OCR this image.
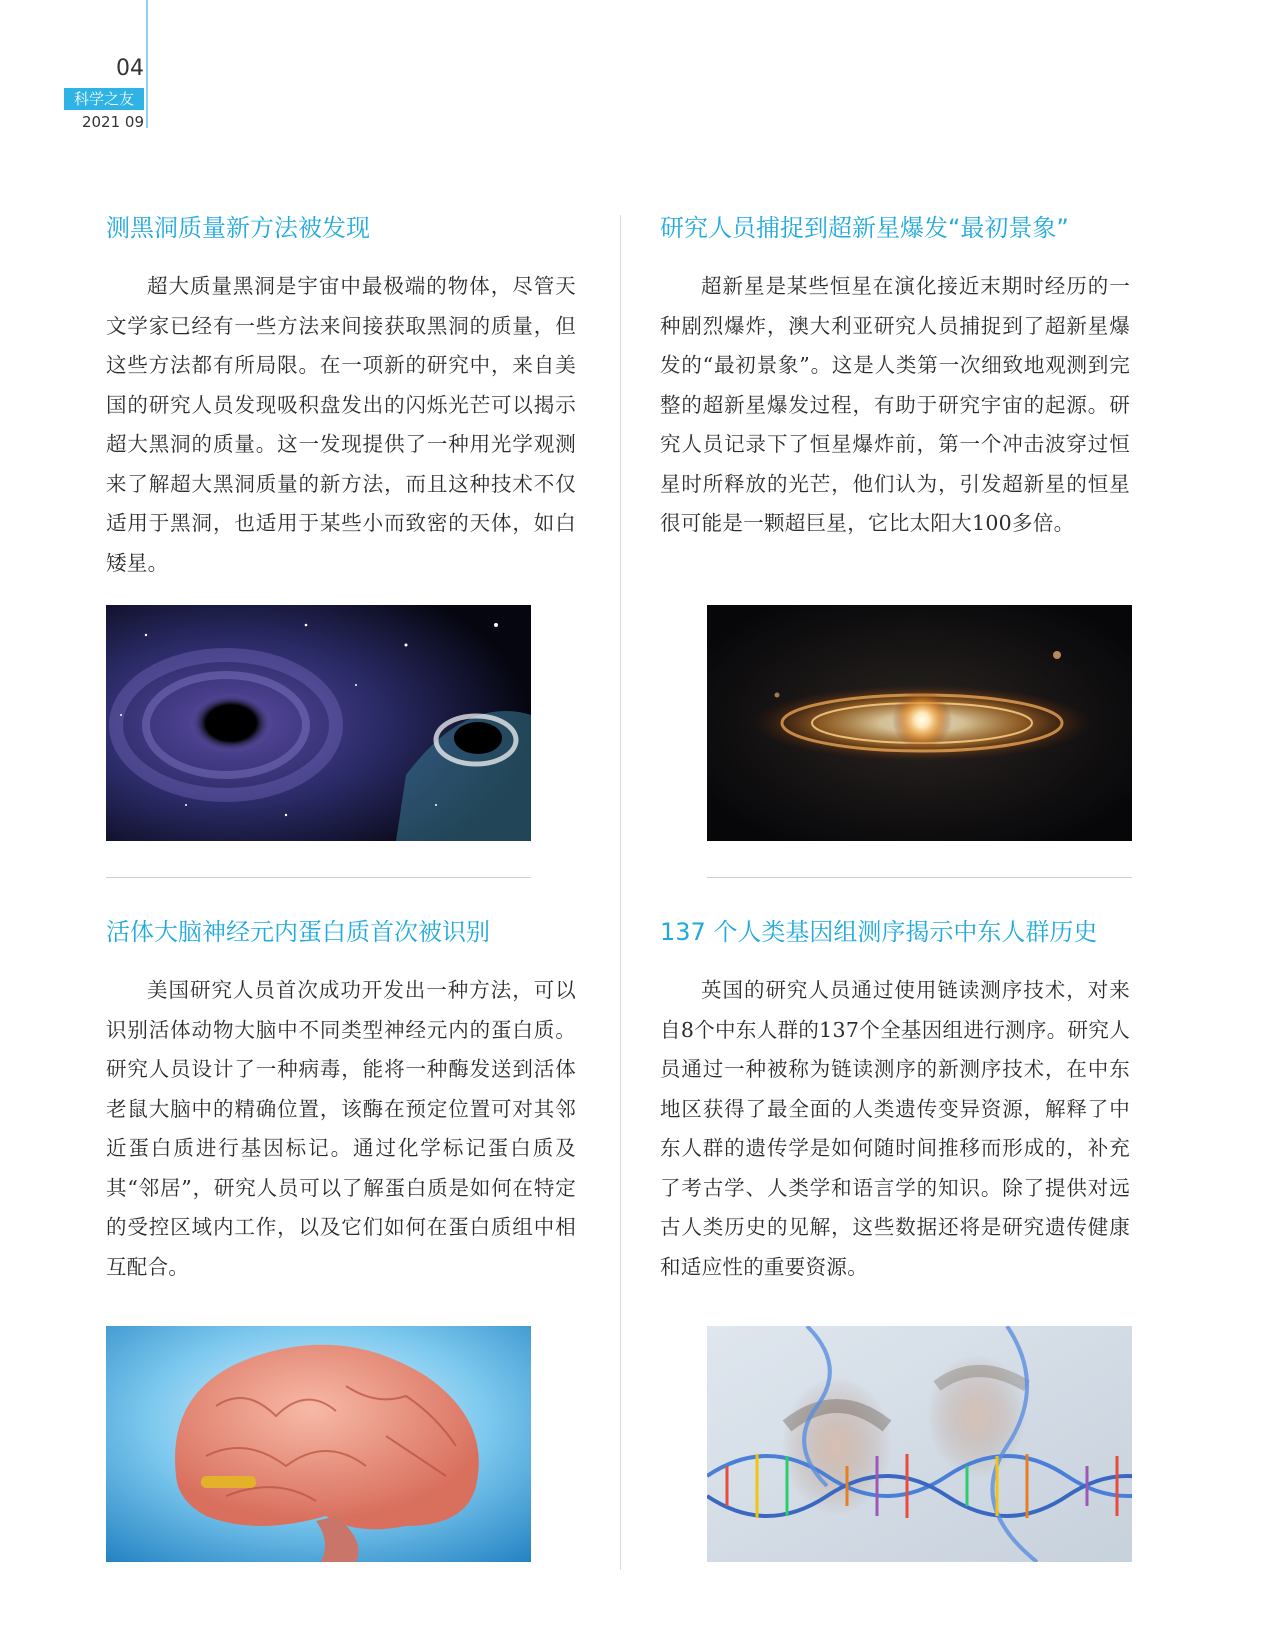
04
科学之友
2021 09
测黑洞质量新方法被发现

超大质量黑洞是宇宙中最极端的物体，尽管天文学家已经有一些方法来间接获取黑洞的质量，但这些方法都有所局限。在一项新的研究中，来自美国的研究人员发现吸积盘发出的闪烁光芒可以揭示超大黑洞的质量。这一发现提供了一种用光学观测来了解超大黑洞质量的新方法，而且这种技术不仅适用于黑洞，也适用于某些小而致密的天体，如白矮星。

研究人员捕捉到超新星爆发“最初景象”

超新星是某些恒星在演化接近末期时经历的一种剧烈爆炸，澳大利亚研究人员捕捉到了超新星爆发的“最初景象”。这是人类第一次细致地观测到完整的超新星爆发过程，有助于研究宇宙的起源。研究人员记录下了恒星爆炸前，第一个冲击波穿过恒星时所释放的光芒，他们认为，引发超新星的恒星很可能是一颗超巨星，它比太阳大100多倍。

活体大脑神经元内蛋白质首次被识别

美国研究人员首次成功开发出一种方法，可以识别活体动物大脑中不同类型神经元内的蛋白质。研究人员设计了一种病毒，能将一种酶发送到活体老鼠大脑中的精确位置，该酶在预定位置可对其邻近蛋白质进行基因标记。通过化学标记蛋白质及其“邻居”，研究人员可以了解蛋白质是如何在特定的受控区域内工作，以及它们如何在蛋白质组中相互配合。

137 个人类基因组测序揭示中东人群历史

英国的研究人员通过使用链读测序技术，对来自8个中东人群的137个全基因组进行测序。研究人员通过一种被称为链读测序的新测序技术，在中东地区获得了最全面的人类遗传变异资源，解释了中东人群的遗传学是如何随时间推移而形成的，补充了考古学、人类学和语言学的知识。除了提供对远古人类历史的见解，这些数据还将是研究遗传健康和适应性的重要资源。
